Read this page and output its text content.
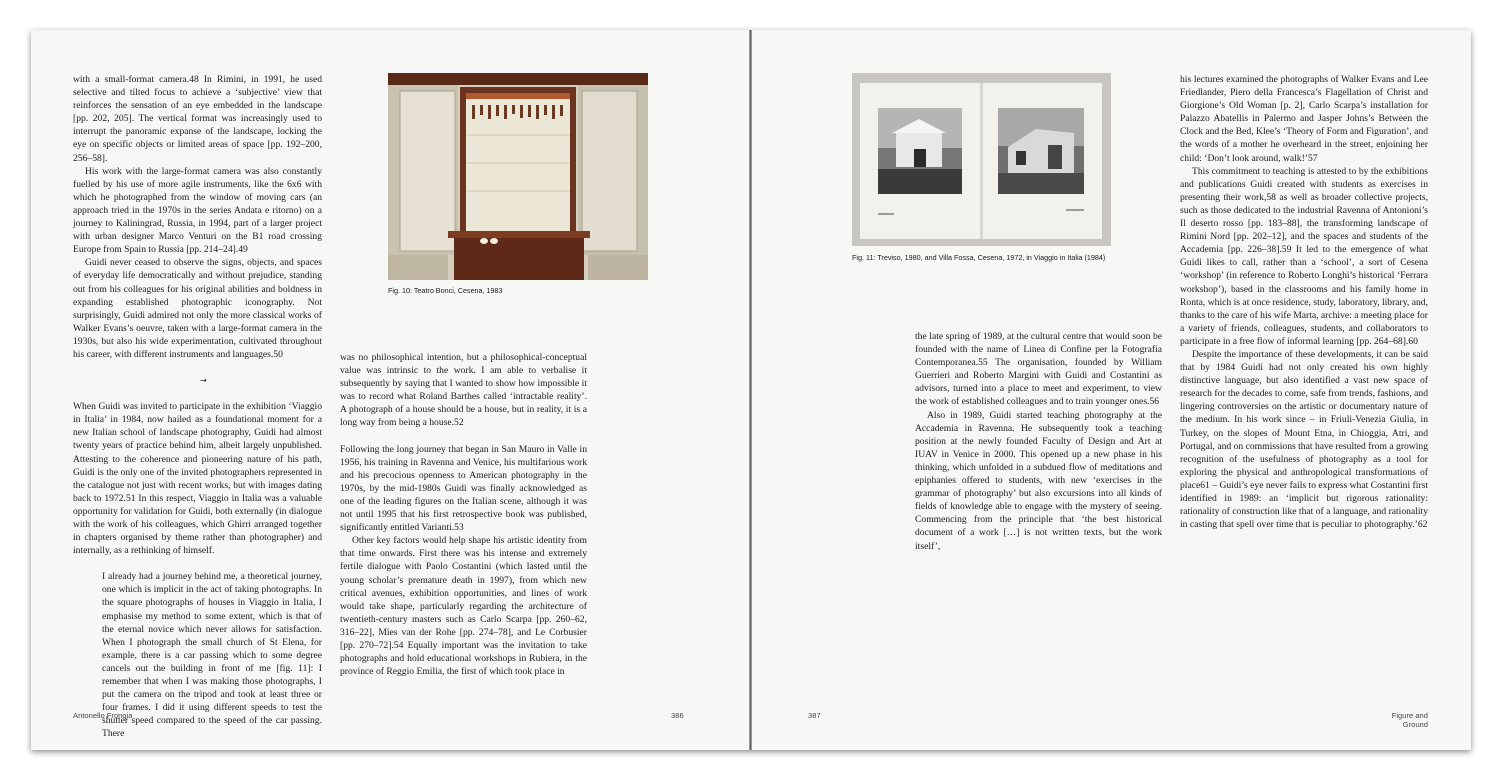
with a small-format camera.48 In Rimini, in 1991, he used selective and tilted focus to achieve a ‘subjective’ view that reinforces the sensation of an eye embedded in the landscape [pp. 202, 205]. The vertical format was increasingly used to interrupt the panoramic expanse of the landscape, locking the eye on specific objects or limited areas of space [pp. 192–200, 256–58].

His work with the large-format camera was also constantly fuelled by his use of more agile instruments, like the 6x6 with which he photographed from the window of moving cars (an approach tried in the 1970s in the series Andata e ritorno) on a journey to Kaliningrad, Russia, in 1994, part of a larger project with urban designer Marco Venturi on the B1 road crossing Europe from Spain to Russia [pp. 214–24].49

Guidi never ceased to observe the signs, objects, and spaces of everyday life democratically and without prejudice, standing out from his colleagues for his original abilities and boldness in expanding established photographic iconography. Not surprisingly, Guidi admired not only the more classical works of Walker Evans’s oeuvre, taken with a large-format camera in the 1930s, but also his wide experimentation, cultivated throughout his career, with different instruments and languages.50

→

When Guidi was invited to participate in the exhibition ‘Viaggio in Italia’ in 1984, now hailed as a foundational moment for a new Italian school of landscape photography, Guidi had almost twenty years of practice behind him, albeit largely unpublished. Attesting to the coherence and pioneering nature of his path, Guidi is the only one of the invited photographers represented in the catalogue not just with recent works, but with images dating back to 1972.51 In this respect, Viaggio in Italia was a valuable opportunity for validation for Guidi, both externally (in dialogue with the work of his colleagues, which Ghirri arranged together in chapters organised by theme rather than photographer) and internally, as a rethinking of himself.

I already had a journey behind me, a theoretical journey, one which is implicit in the act of taking photographs. In the square photographs of houses in Viaggio in Italia, I emphasise my method to some extent, which is that of the eternal novice which never allows for satisfaction. When I photograph the small church of St Elena, for example, there is a car passing which to some degree cancels out the building in front of me [fig. 11]: I remember that when I was making those photographs, I put the camera on the tripod and took at least three or four frames. I did it using different speeds to test the shutter speed compared to the speed of the car passing. There

Fig. 10: Teatro Bonci, Cesena, 1983

was no philosophical intention, but a philosophical-conceptual value was intrinsic to the work. I am able to verbalise it subsequently by saying that I wanted to show how impossible it was to record what Roland Barthes called ‘intractable reality’. A photograph of a house should be a house, but in reality, it is a long way from being a house.52

Following the long journey that began in San Mauro in Valle in 1956, his training in Ravenna and Venice, his multifarious work and his precocious openness to American photography in the 1970s, by the mid-1980s Guidi was finally acknowledged as one of the leading figures on the Italian scene, although it was not until 1995 that his first retrospective book was published, significantly entitled Varianti.53

Other key factors would help shape his artistic identity from that time onwards. First there was his intense and extremely fertile dialogue with Paolo Costantini (which lasted until the young scholar’s premature death in 1997), from which new critical avenues, exhibition opportunities, and lines of work would take shape, particularly regarding the architecture of twentieth-century masters such as Carlo Scarpa [pp. 260–62, 316–22], Mies van der Rohe [pp. 274–78], and Le Corbusier [pp. 270–72].54 Equally important was the invitation to take photographs and hold educational workshops in Rubiera, in the province of Reggio Emilia, the first of which took place in

Antonello Frongia	386
Fig. 11: Treviso, 1980, and Villa Fossa, Cesena, 1972, in Viaggio in Italia (1984)

the late spring of 1989, at the cultural centre that would soon be founded with the name of Linea di Confine per la Fotografia Contemporanea.55 The organisation, founded by William Guerrieri and Roberto Margini with Guidi and Costantini as advisors, turned into a place to meet and experiment, to view the work of established colleagues and to train younger ones.56

Also in 1989, Guidi started teaching photography at the Accademia in Ravenna. He subsequently took a teaching position at the newly founded Faculty of Design and Art at IUAV in Venice in 2000. This opened up a new phase in his thinking, which unfolded in a subdued flow of meditations and epiphanies offered to students, with new ‘exercises in the grammar of photography’ but also excursions into all kinds of fields of knowledge able to engage with the mystery of seeing. Commencing from the principle that ‘the best historical document of a work […] is not written texts, but the work itself’,

his lectures examined the photographs of Walker Evans and Lee Friedlander, Piero della Francesca’s Flagellation of Christ and Giorgione’s Old Woman [p. 2], Carlo Scarpa’s installation for Palazzo Abatellis in Palermo and Jasper Johns’s Between the Clock and the Bed, Klee’s ‘Theory of Form and Figuration’, and the words of a mother he overheard in the street, enjoining her child: ‘Don’t look around, walk!’57

This commitment to teaching is attested to by the exhibitions and publications Guidi created with students as exercises in presenting their work,58 as well as broader collective projects, such as those dedicated to the industrial Ravenna of Antonioni’s Il deserto rosso [pp. 183–88], the transforming landscape of Rimini Nord [pp. 202–12], and the spaces and students of the Accademia [pp. 226–38].59 It led to the emergence of what Guidi likes to call, rather than a ‘school’, a sort of Cesena ‘workshop’ (in reference to Roberto Longhi’s historical ‘Ferrara workshop’), based in the classrooms and his family home in Ronta, which is at once residence, study, laboratory, library, and, thanks to the care of his wife Marta, archive: a meeting place for a variety of friends, colleagues, students, and collaborators to participate in a free flow of informal learning [pp. 264–68].60

Despite the importance of these developments, it can be said that by 1984 Guidi had not only created his own highly distinctive language, but also identified a vast new space of research for the decades to come, safe from trends, fashions, and lingering controversies on the artistic or documentary nature of the medium. In his work since – in Friuli-Venezia Giulia, in Turkey, on the slopes of Mount Etna, in Chioggia, Atri, and Portugal, and on commissions that have resulted from a growing recognition of the usefulness of photography as a tool for exploring the physical and anthropological transformations of place61 – Guidi’s eye never fails to express what Costantini first identified in 1989: an ‘implicit but rigorous rationality: rationality of construction like that of a language, and rationality in casting that spell over time that is peculiar to photography.’62

387	Figure and Ground
